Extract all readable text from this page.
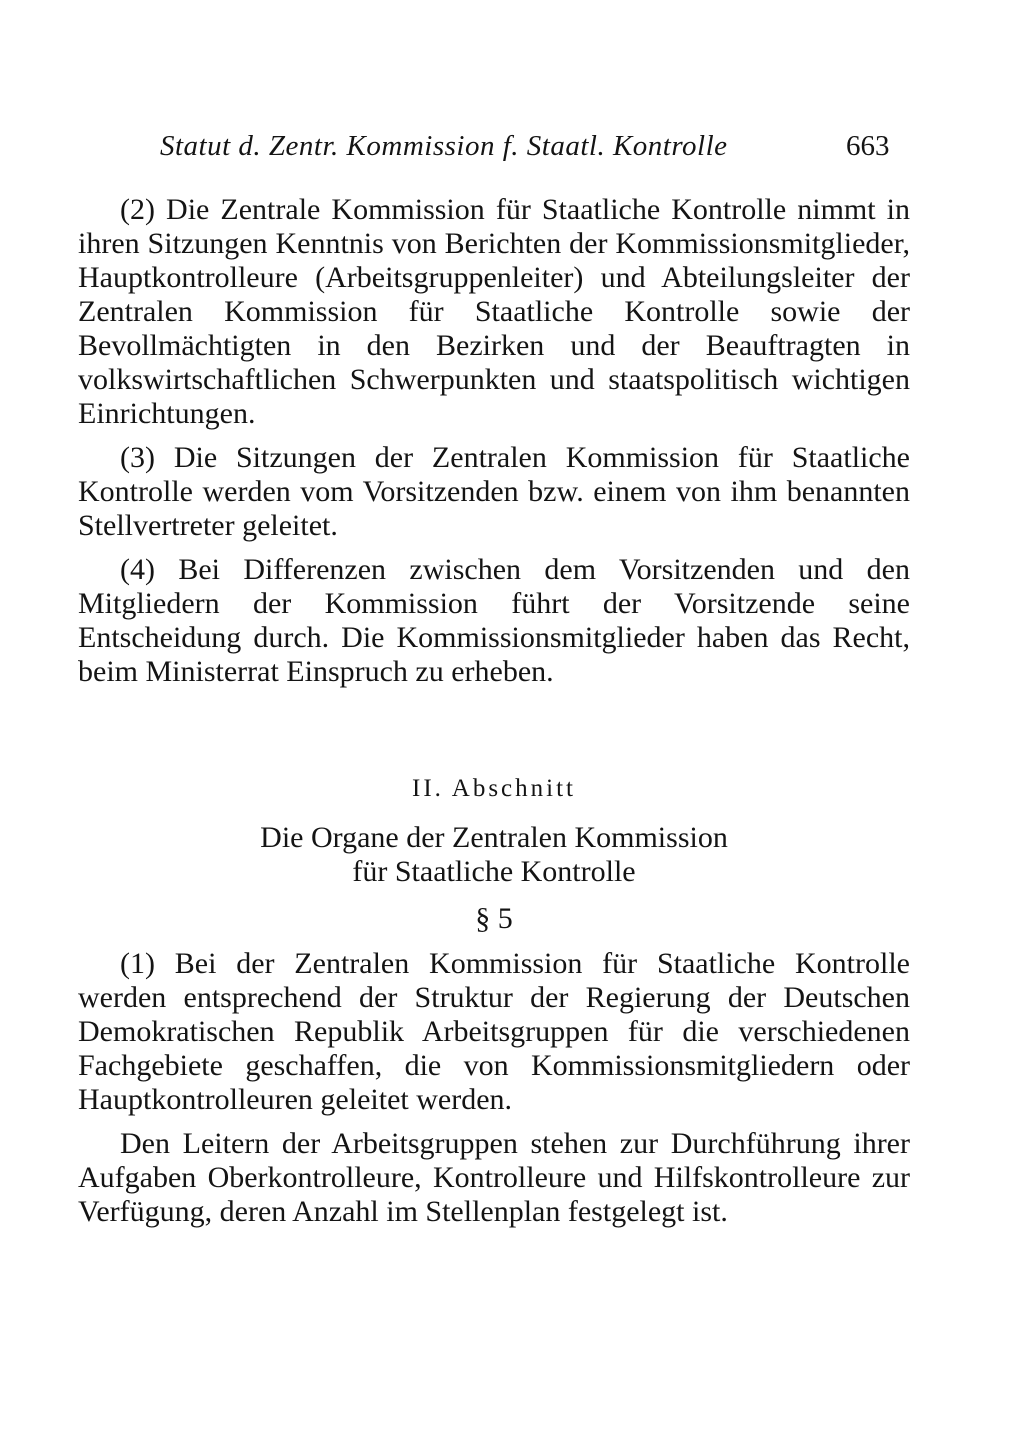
Statut d. Zentr. Kommission f. Staatl. Kontrolle	663

(2) Die Zentrale Kommission für Staatliche Kontrolle nimmt in ihren Sitzungen Kenntnis von Berichten der Kommissionsmitglieder, Hauptkontrolleure (Arbeitsgruppenleiter) und Abteilungsleiter der Zentralen Kommission für Staatliche Kontrolle sowie der Bevollmächtigten in den Bezirken und der Beauftragten in volkswirtschaftlichen Schwerpunkten und staatspolitisch wichtigen Einrichtungen.

(3) Die Sitzungen der Zentralen Kommission für Staatliche Kontrolle werden vom Vorsitzenden bzw. einem von ihm benannten Stellvertreter geleitet.

(4) Bei Differenzen zwischen dem Vorsitzenden und den Mitgliedern der Kommission führt der Vorsitzende seine Entscheidung durch. Die Kommissionsmitglieder haben das Recht, beim Ministerrat Einspruch zu erheben.

II. Abschnitt
Die Organe der Zentralen Kommission
für Staatliche Kontrolle
§ 5

(1) Bei der Zentralen Kommission für Staatliche Kontrolle werden entsprechend der Struktur der Regierung der Deutschen Demokratischen Republik Arbeitsgruppen für die verschiedenen Fachgebiete geschaffen, die von Kommissionsmitgliedern oder Hauptkontrolleuren geleitet werden.

Den Leitern der Arbeitsgruppen stehen zur Durchführung ihrer Aufgaben Oberkontrolleure, Kontrolleure und Hilfskontrolleure zur Verfügung, deren Anzahl im Stellenplan festgelegt ist.
